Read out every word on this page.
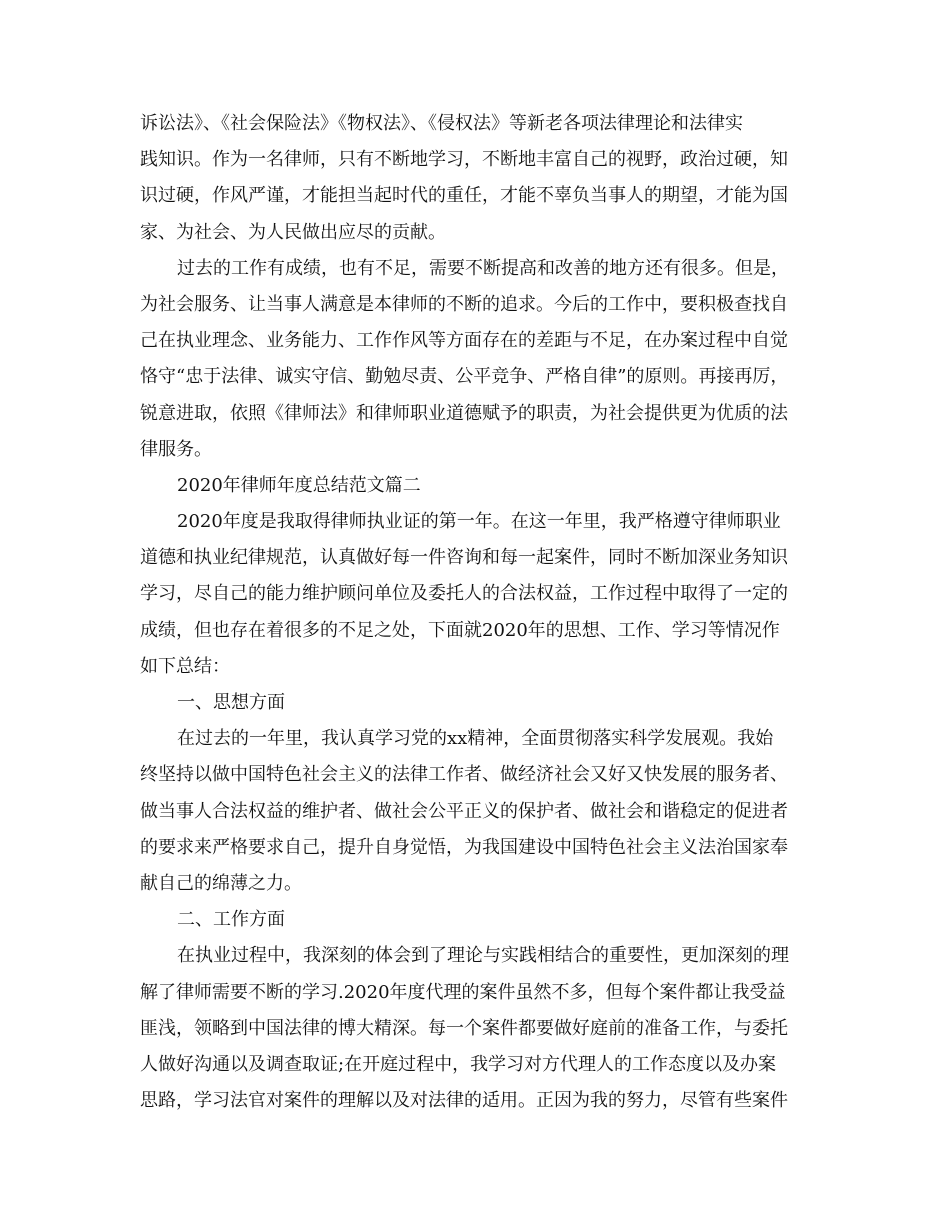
诉讼法》、《社会保险法》《物权法》、《侵权法》等新老各项法律理论和法律实
践知识。作为一名律师，只有不断地学习，不断地丰富自己的视野，政治过硬，知
识过硬，作风严谨，才能担当起时代的重任，才能不辜负当事人的期望，才能为国
家、为社会、为人民做出应尽的贡献。
过去的工作有成绩，也有不足，需要不断提高和改善的地方还有很多。但是，
为社会服务、让当事人满意是本律师的不断的追求。今后的工作中，要积极查找自
己在执业理念、业务能力、工作作风等方面存在的差距与不足，在办案过程中自觉
恪守“忠于法律、诚实守信、勤勉尽责、公平竞争、严格自律”的原则。再接再厉，
锐意进取，依照《律师法》和律师职业道德赋予的职责，为社会提供更为优质的法
律服务。
2020年律师年度总结范文篇二
2020年度是我取得律师执业证的第一年。在这一年里，我严格遵守律师职业
道德和执业纪律规范，认真做好每一件咨询和每一起案件，同时不断加深业务知识
学习，尽自己的能力维护顾问单位及委托人的合法权益，工作过程中取得了一定的
成绩，但也存在着很多的不足之处，下面就2020年的思想、工作、学习等情况作
如下总结：
一、思想方面
在过去的一年里，我认真学习党的xx精神，全面贯彻落实科学发展观。我始
终坚持以做中国特色社会主义的法律工作者、做经济社会又好又快发展的服务者、
做当事人合法权益的维护者、做社会公平正义的保护者、做社会和谐稳定的促进者
的要求来严格要求自己，提升自身觉悟，为我国建设中国特色社会主义法治国家奉
献自己的绵薄之力。
二、工作方面
在执业过程中，我深刻的体会到了理论与实践相结合的重要性，更加深刻的理
解了律师需要不断的学习.2020年度代理的案件虽然不多，但每个案件都让我受益
匪浅，领略到中国法律的博大精深。每一个案件都要做好庭前的准备工作，与委托
人做好沟通以及调查取证;在开庭过程中，我学习对方代理人的工作态度以及办案
思路，学习法官对案件的理解以及对法律的适用。正因为我的努力，尽管有些案件
